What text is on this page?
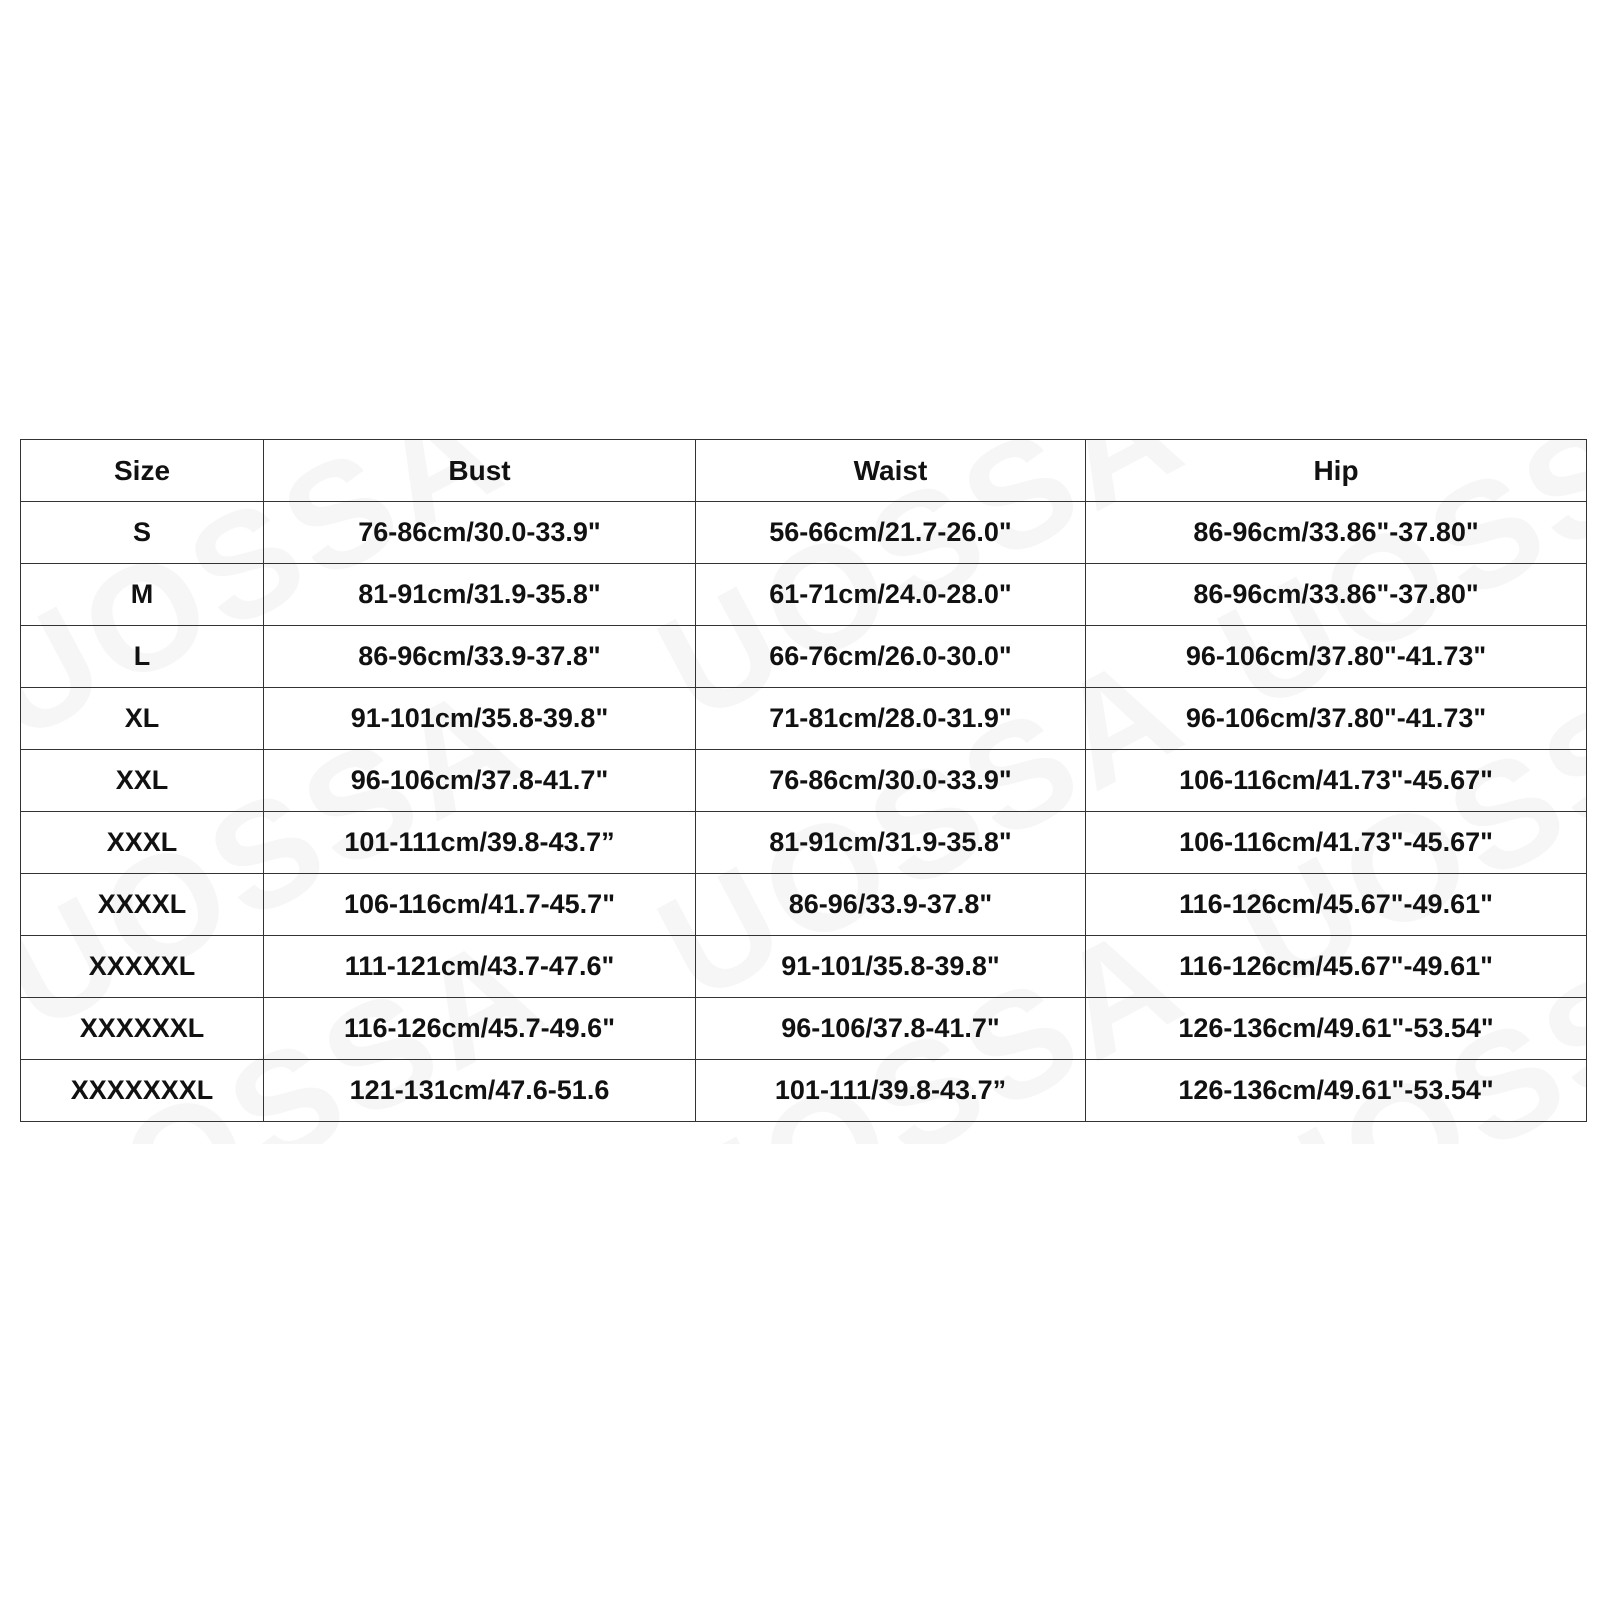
Size	Bust	Waist	Hip
S	76-86cm/30.0-33.9"	56-66cm/21.7-26.0"	86-96cm/33.86"-37.80"
M	81-91cm/31.9-35.8"	61-71cm/24.0-28.0"	86-96cm/33.86"-37.80"
L	86-96cm/33.9-37.8"	66-76cm/26.0-30.0"	96-106cm/37.80"-41.73"
XL	91-101cm/35.8-39.8"	71-81cm/28.0-31.9"	96-106cm/37.80"-41.73"
XXL	96-106cm/37.8-41.7"	76-86cm/30.0-33.9"	106-116cm/41.73"-45.67"
XXXL	101-111cm/39.8-43.7”	81-91cm/31.9-35.8"	106-116cm/41.73"-45.67"
XXXXL	106-116cm/41.7-45.7"	86-96/33.9-37.8"	116-126cm/45.67"-49.61"
XXXXXL	111-121cm/43.7-47.6"	91-101/35.8-39.8"	116-126cm/45.67"-49.61"
XXXXXXL	116-126cm/45.7-49.6"	96-106/37.8-41.7"	126-136cm/49.61"-53.54"
XXXXXXXL	121-131cm/47.6-51.6	101-111/39.8-43.7”	126-136cm/49.61"-53.54"
